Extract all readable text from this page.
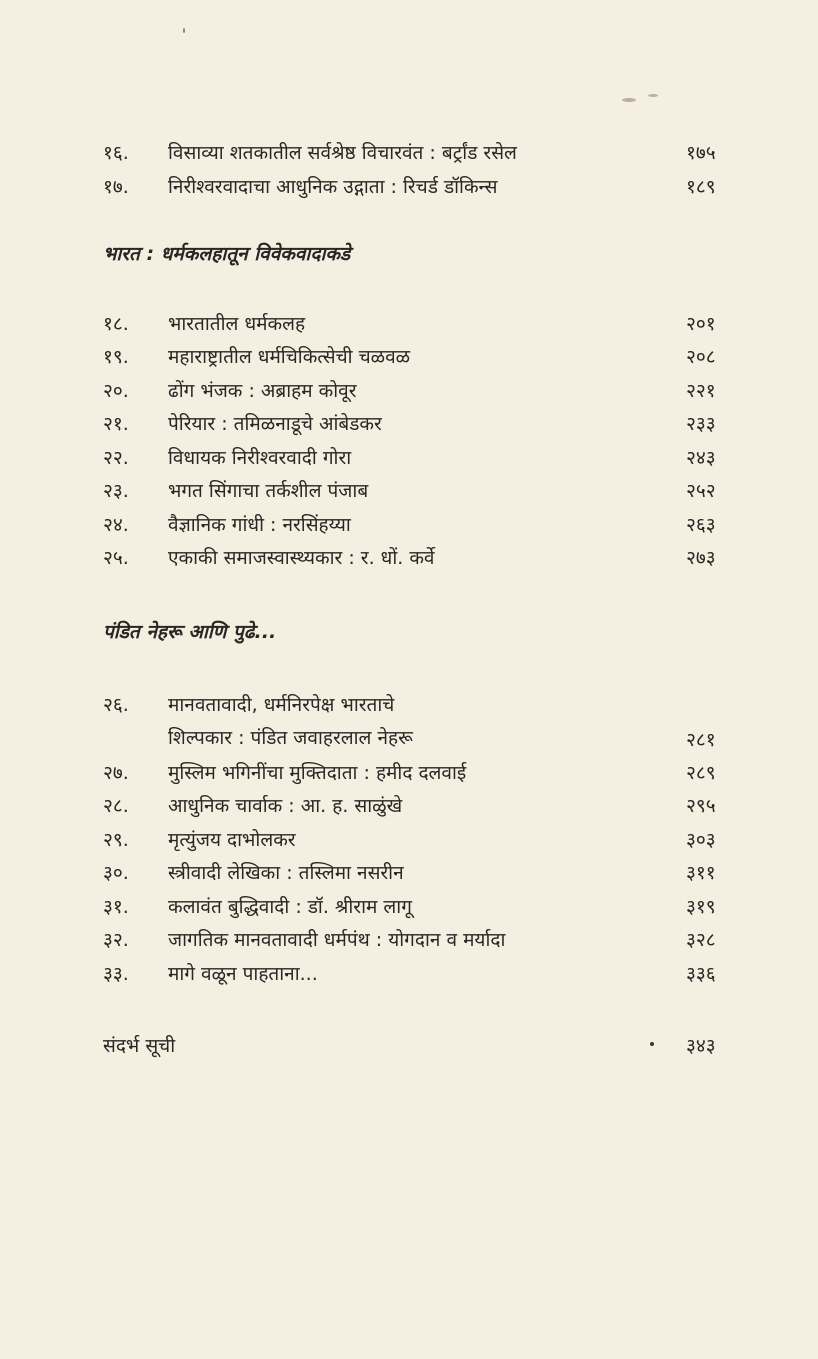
१६. विसाव्या शतकातील सर्वश्रेष्ठ विचारवंत : बर्ट्रांड रसेल	१७५
१७. निरीश्वरवादाचा आधुनिक उद्गाता : रिचर्ड डॉकिन्स	१८९
भारत : धर्मकलहातून विवेकवादाकडे
१८. भारतातील धर्मकलह	२०१
१९. महाराष्ट्रातील धर्मचिकित्सेची चळवळ	२०८
२०. ढोंग भंजक : अब्राहम कोवूर	२२१
२१. पेरियार : तमिळनाडूचे आंबेडकर	२३३
२२. विधायक निरीश्वरवादी गोरा	२४३
२३. भगत सिंगाचा तर्कशील पंजाब	२५२
२४. वैज्ञानिक गांधी : नरसिंहय्या	२६३
२५. एकाकी समाजस्वास्थ्यकार : र. धों. कर्वे	२७३
पंडित नेहरू आणि पुढे...
२६. मानवतावादी, धर्मनिरपेक्ष भारताचे
शिल्पकार : पंडित जवाहरलाल नेहरू	२८१
२७. मुस्लिम भगिनींचा मुक्तिदाता : हमीद दलवाई	२८९
२८. आधुनिक चार्वाक : आ. ह. साळुंखे	२९५
२९. मृत्युंजय दाभोलकर	३०३
३०. स्त्रीवादी लेखिका : तस्लिमा नसरीन	३११
३१. कलावंत बुद्धिवादी : डॉ. श्रीराम लागू	३१९
३२. जागतिक मानवतावादी धर्मपंथ : योगदान व मर्यादा	३२८
३३. मागे वळून पाहताना...	३३६
संदर्भ सूची	३४३
